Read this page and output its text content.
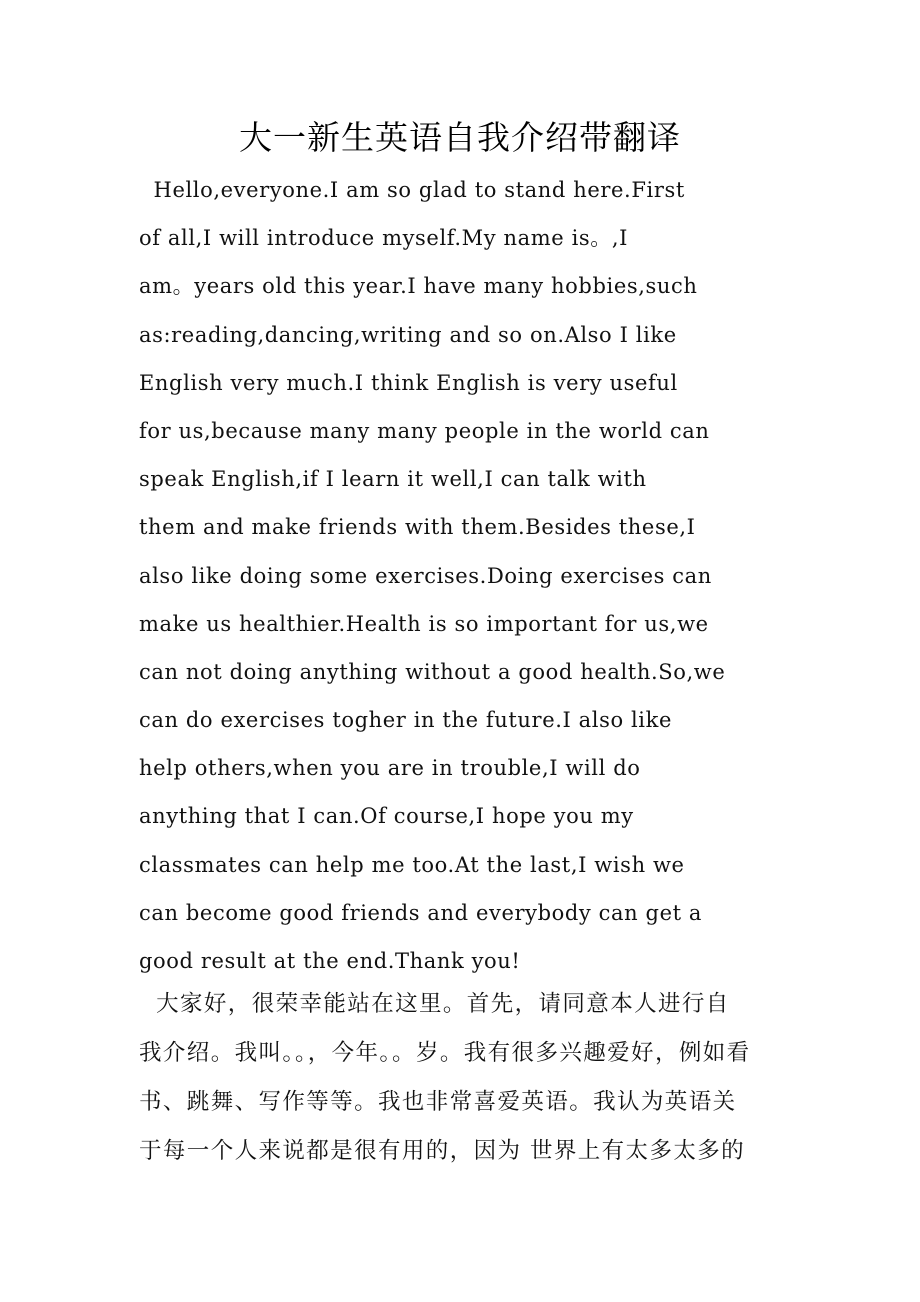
大一新生英语自我介绍带翻译
Hello,everyone.I am so glad to stand here.First
of all,I will introduce myself.My name is。,I
am。years old this year.I have many hobbies,such
as:reading,dancing,writing and so on.Also I like
English very much.I think English is very useful
for us,because many many people in the world can
speak English,if I learn it well,I can talk with
them and make friends with them.Besides these,I
also like doing some exercises.Doing exercises can
make us healthier.Health is so important for us,we
can not doing anything without a good health.So,we
can do exercises togher in the future.I also like
help others,when you are in trouble,I will do
anything that I can.Of course,I hope you my
classmates can help me too.At the last,I wish we
can become good friends and everybody can get a
good result at the end.Thank you!
大家好，很荣幸能站在这里。首先，请同意本人进行自
我介绍。我叫。。，今年。。岁。我有很多兴趣爱好，例如看
书、跳舞、写作等等。我也非常喜爱英语。我认为英语关
于每一个人来说都是很有用的，因为 世界上有太多太多的
